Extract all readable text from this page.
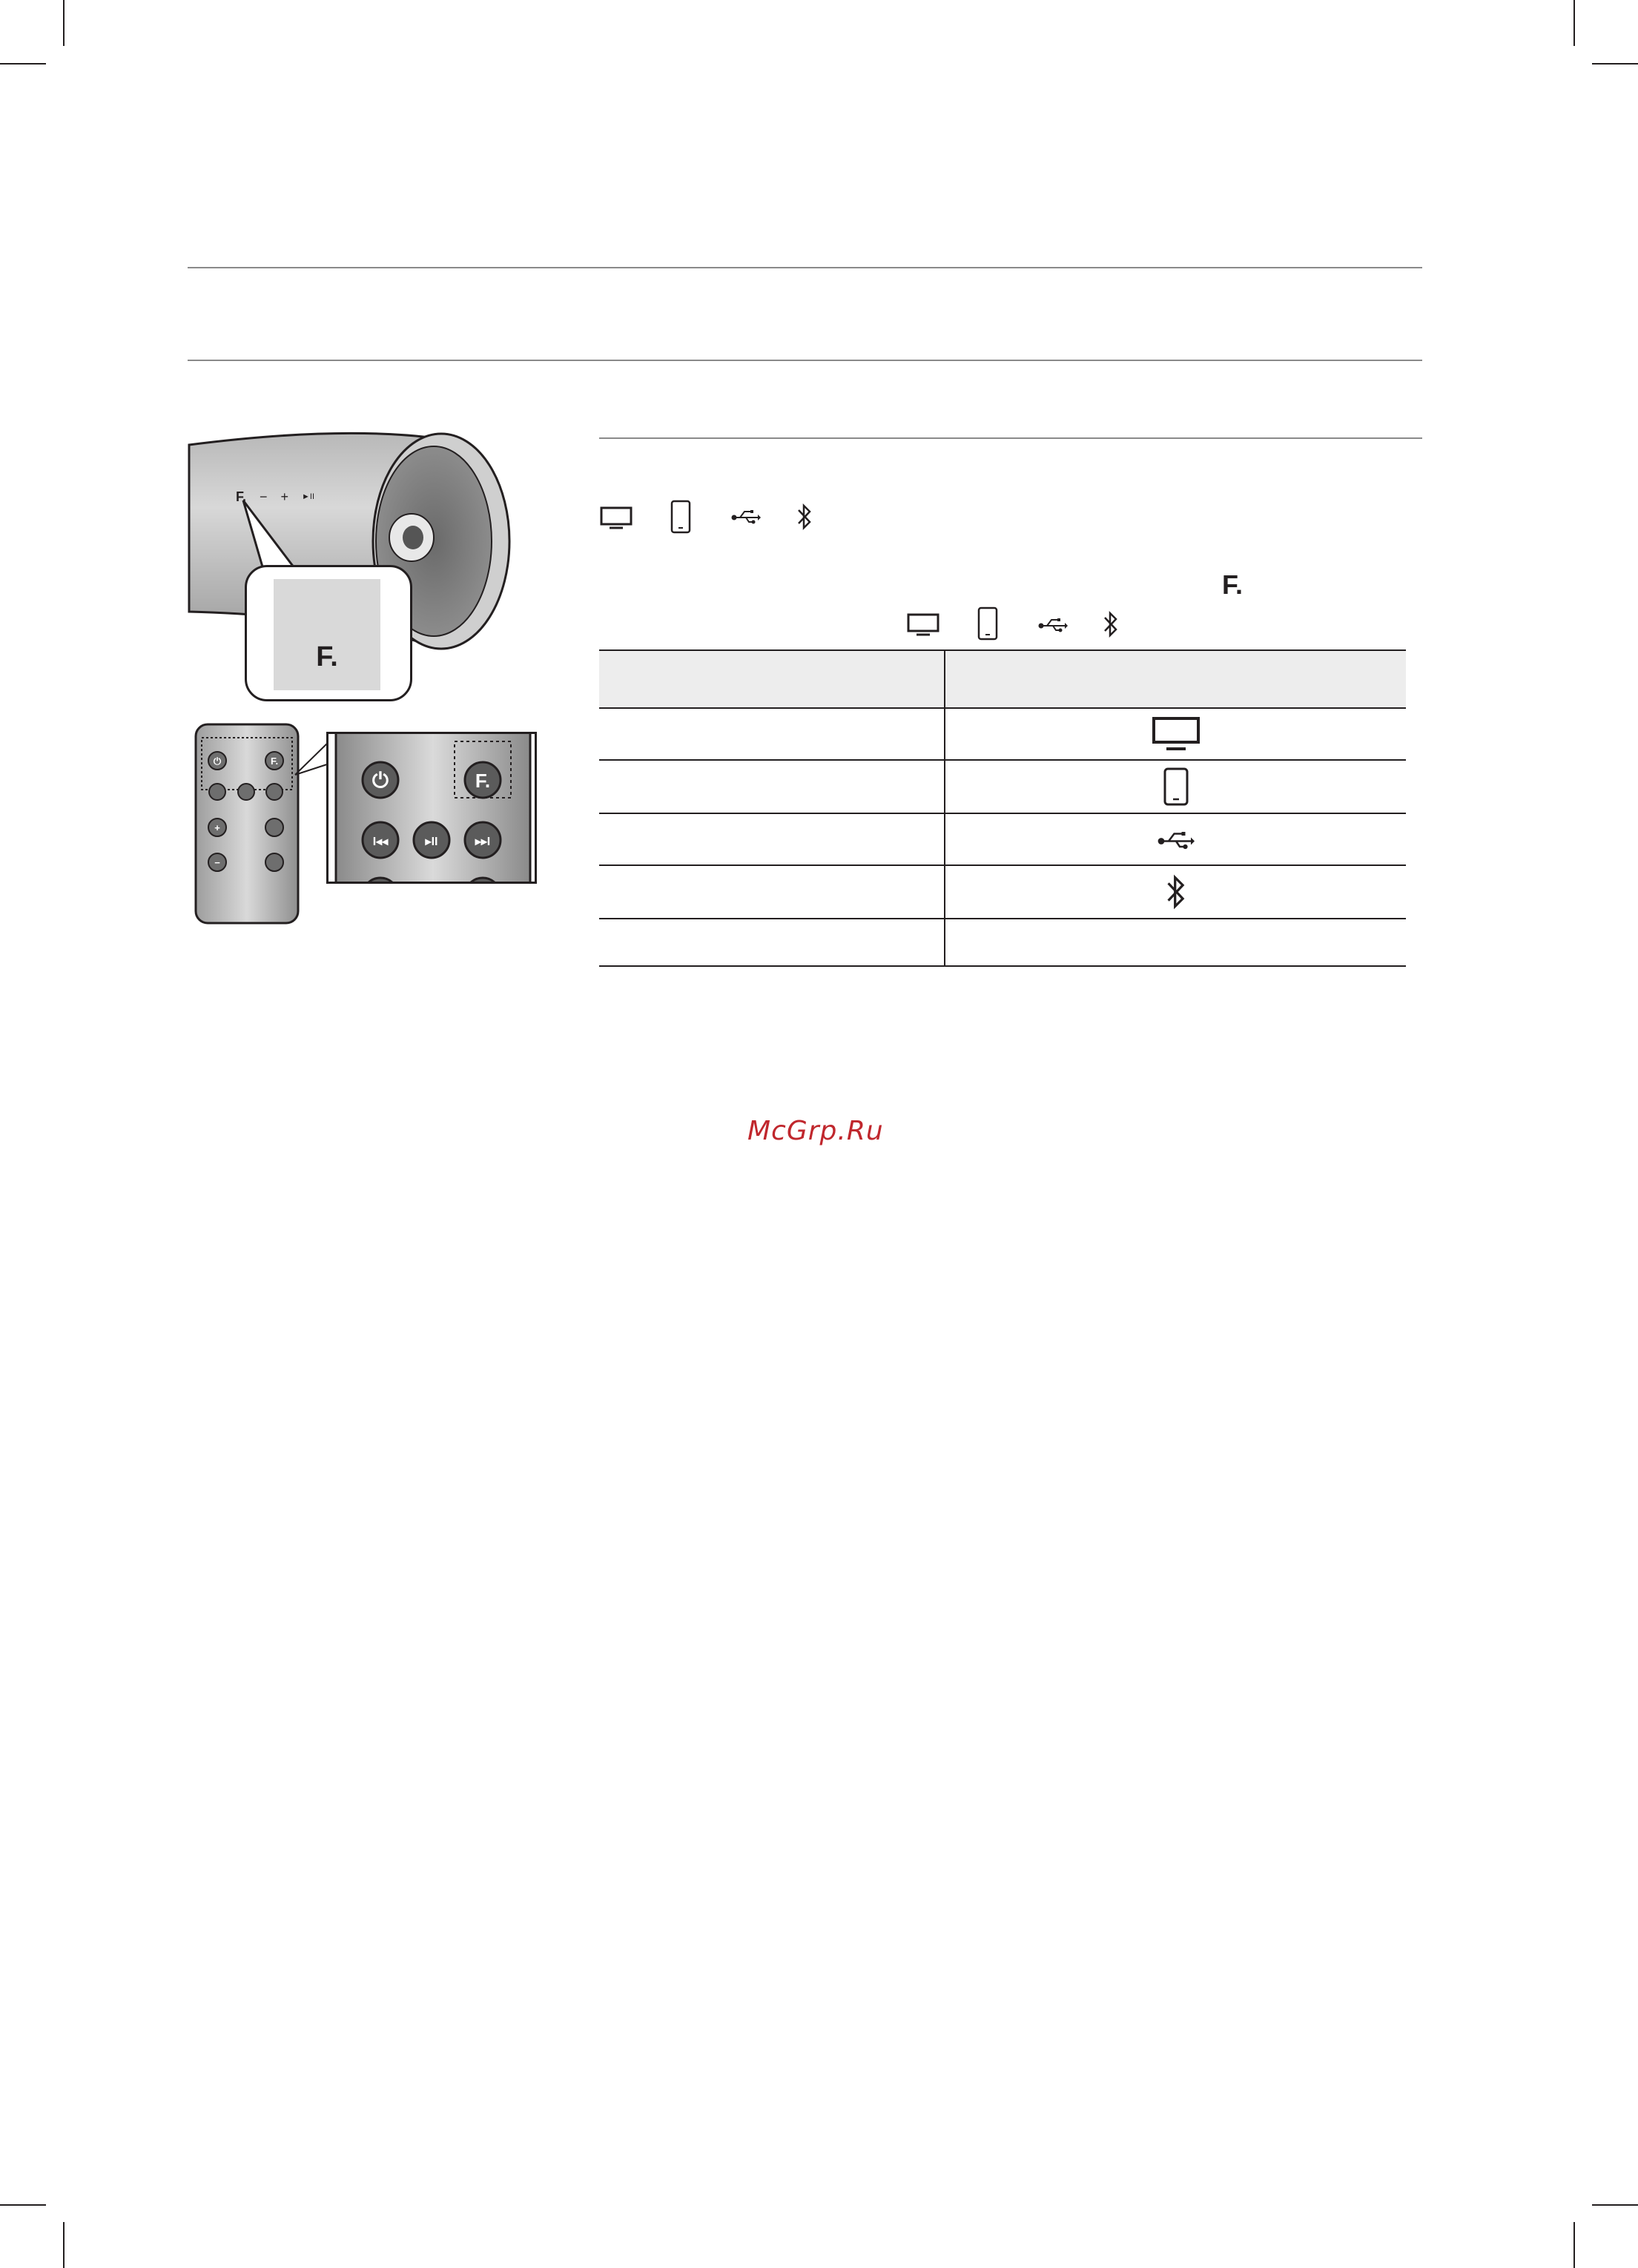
F. − + ►II
F.
⏻	F.
+
−
⏻	F.
I◂◂	▸II	▸▸I
F.
McGrp.Ru
